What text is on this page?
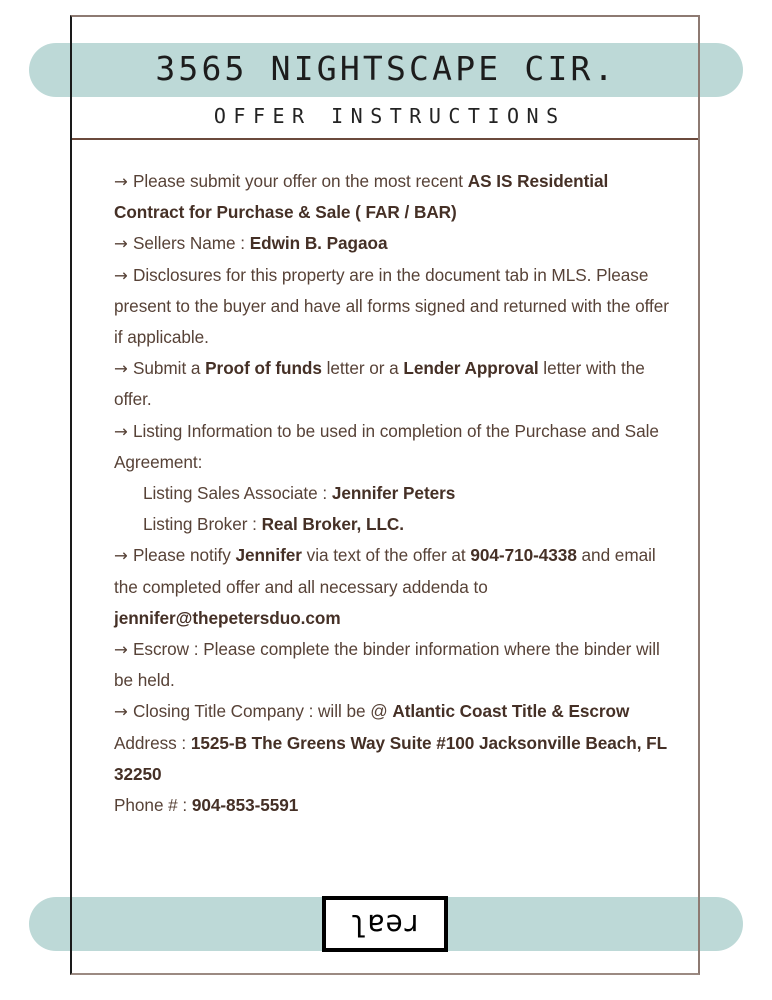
3565 NIGHTSCAPE CIR.
OFFER INSTRUCTIONS
→ Please submit your offer on the most recent AS IS Residential Contract for Purchase & Sale ( FAR / BAR)
→ Sellers Name : Edwin B. Pagaoa
→ Disclosures for this property are in the document tab in MLS. Please present to the buyer and have all forms signed and returned with the offer if applicable.
→ Submit a Proof of funds letter or a Lender Approval letter with the offer.
→ Listing Information to be used in completion of the Purchase and Sale Agreement:
Listing Sales Associate : Jennifer Peters
Listing Broker : Real Broker, LLC.
→ Please notify Jennifer via text of the offer at 904-710-4338 and email the completed offer and all necessary addenda to jennifer@thepetersduo.com
→ Escrow : Please complete the binder information where the binder will be held.
→ Closing Title Company : will be @ Atlantic Coast Title & Escrow
Address : 1525-B The Greens Way Suite #100 Jacksonville Beach, FL 32250
Phone # : 904-853-5591
real
